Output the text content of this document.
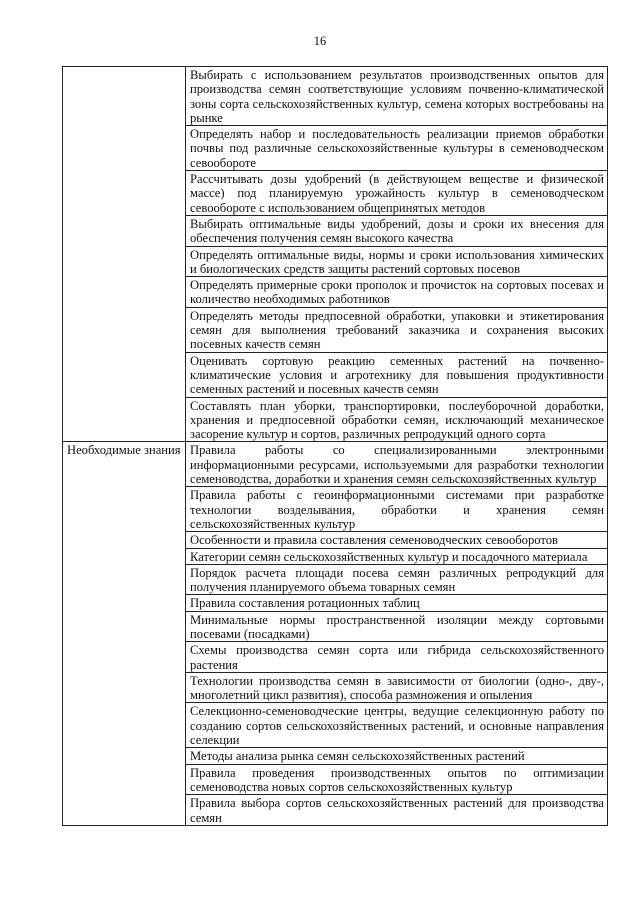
16
	Выбирать с использованием результатов производственных опытов для производства семян соответствующие условиям почвенно-климатической зоны сорта сельскохозяйственных культур, семена которых востребованы на рынке
	Определять набор и последовательность реализации приемов обработки почвы под различные сельскохозяйственные культуры в семеноводческом севообороте
	Рассчитывать дозы удобрений (в действующем веществе и физической массе) под планируемую урожайность культур в семеноводческом севообороте с использованием общепринятых методов
	Выбирать оптимальные виды удобрений, дозы и сроки их внесения для обеспечения получения семян высокого качества
	Определять оптимальные виды, нормы и сроки использования химических и биологических средств защиты растений сортовых посевов
	Определять примерные сроки прополок и прочисток на сортовых посевах и количество необходимых работников
	Определять методы предпосевной обработки, упаковки и этикетирования семян для выполнения требований заказчика и сохранения высоких посевных качеств семян
	Оценивать сортовую реакцию семенных растений на почвенно-климатические условия и агротехнику для повышения продуктивности семенных растений и посевных качеств семян
	Составлять план уборки, транспортировки, послеуборочной доработки, хранения и предпосевной обработки семян, исключающий механическое засорение культур и сортов, различных репродукций одного сорта
Необходимые знания	Правила работы со специализированными электронными информационными ресурсами, используемыми для разработки технологии семеноводства, доработки и хранения семян сельскохозяйственных культур
	Правила работы с геоинформационными системами при разработке технологии возделывания, обработки и хранения семян сельскохозяйственных культур
	Особенности и правила составления семеноводческих севооборотов
	Категории семян сельскохозяйственных культур и посадочного материала
	Порядок расчета площади посева семян различных репродукций для получения планируемого объема товарных семян
	Правила составления ротационных таблиц
	Минимальные нормы пространственной изоляции между сортовыми посевами (посадками)
	Схемы производства семян сорта или гибрида сельскохозяйственного растения
	Технологии производства семян в зависимости от биологии (одно-, дву-, многолетний цикл развития), способа размножения и опыления
	Селекционно-семеноводческие центры, ведущие селекционную работу по созданию сортов сельскохозяйственных растений, и основные направления селекции
	Методы анализа рынка семян сельскохозяйственных растений
	Правила проведения производственных опытов по оптимизации семеноводства новых сортов сельскохозяйственных культур
	Правила выбора сортов сельскохозяйственных растений для производства семян
